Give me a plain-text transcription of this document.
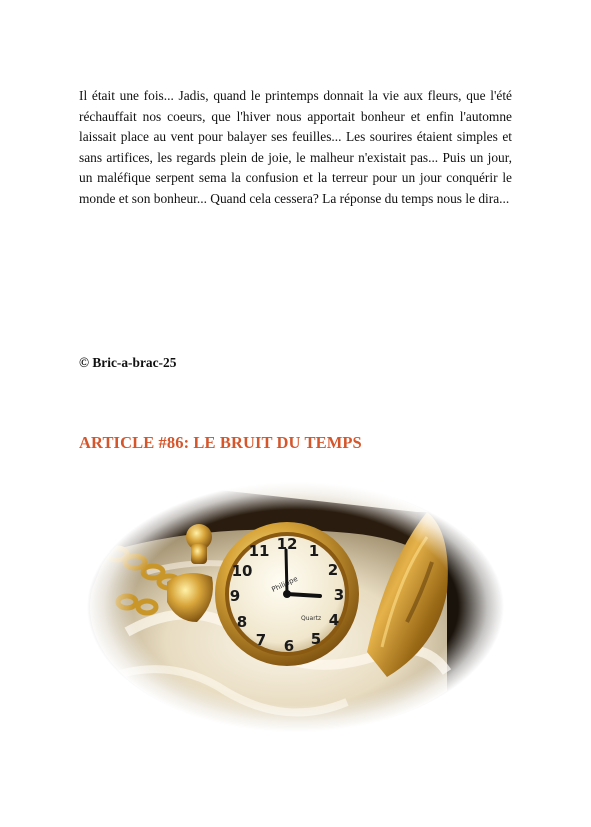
Il était une fois... Jadis, quand le printemps donnait la vie aux fleurs, que l'été réchauffait nos coeurs, que l'hiver nous apportait bonheur et enfin l'automne laissait place au vent pour balayer ses feuilles... Les sourires étaient simples et sans artifices, les regards plein de joie, le malheur n'existait pas... Puis un jour, un maléfique serpent sema la confusion et la terreur pour un jour conquérir le monde et son bonheur... Quand cela cessera? La réponse du temps nous le dira...

© Bric-a-brac-25

ARTICLE #86: LE BRUIT DU TEMPS
